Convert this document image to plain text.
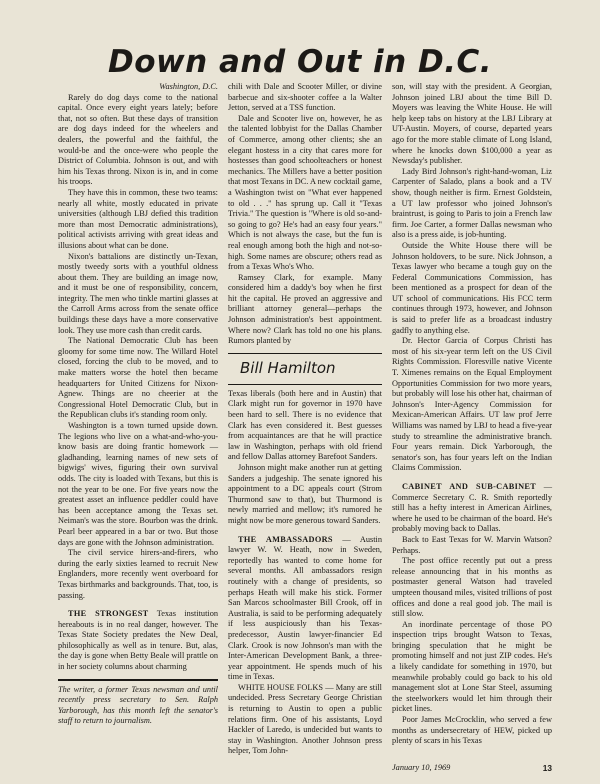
Down and Out in D.C.

Washington, D.C.

Rarely do dog days come to the national capital. Once every eight years lately; before that, not so often. But these days of transition are dog days indeed for the wheelers and dealers, the powerful and the faithful, the would-be and the once-were who people the District of Columbia. Johnson is out, and with him his Texas throng. Nixon is in, and in come his troops.

They have this in common, these two teams: nearly all white, mostly educated in private universities (although LBJ defied this tradition more than most Democratic administrations), political activists arriving with great ideas and illusions about what can be done.

Nixon's battalions are distinctly un-Texan, mostly tweedy sorts with a youthful oldness about them. They are building an image now, and it must be one of responsibility, concern, integrity. The men who tinkle martini glasses at the Carroll Arms across from the senate office buildings these days have a more conservative look. They use more cash than credit cards.

The National Democratic Club has been gloomy for some time now. The Willard Hotel closed, forcing the club to be moved, and to make matters worse the hotel then became headquarters for United Citizens for Nixon-Agnew. Things are no cheerier at the Congressional Hotel Democratic Club, but in the Republican clubs it's standing room only.

Washington is a town turned upside down. The legions who live on a what-and-who-you-know basis are doing frantic homework — gladhanding, learning names of new sets of bigwigs' wives, figuring their own survival odds. The city is loaded with Texans, but this is not the year to be one. For five years now the greatest asset an influence peddler could have has been acceptance among the Texas set. Neiman's was the store. Bourbon was the drink. Pearl beer appeared in a bar or two. But those days are gone with the Johnson administration.

The civil service hirers-and-firers, who during the early sixties learned to recruit New Englanders, more recently went overboard for Texas birthmarks and backgrounds. That, too, is passing.

THE STRONGEST Texas institution hereabouts is in no real danger, however. The Texas State Society predates the New Deal, philosophically as well as in tenure. But, alas, the day is gone when Betty Beale will prattle on in her society columns about charming

The writer, a former Texas newsman and until recently press secretary to Sen. Ralph Yarborough, has this month left the senator's staff to return to journalism.

chili with Dale and Scooter Miller, or divine barbecue and six-shooter coffee a la Walter Jetton, served at a TSS function.

Dale and Scooter live on, however, he as the talented lobbyist for the Dallas Chamber of Commerce, among other clients; she an elegant hostess in a city that cares more for hostesses than good schoolteachers or honest mechanics. The Millers have a better position that most Texans in DC. A new cocktail game, a Washington twist on "What ever happened to old . . ." has sprung up. Call it "Texas Trivia." The question is "Where is old so-and-so going to go? He's had an easy four years." Which is not always the case, but the fun is real enough among both the high and not-so-high. Some names are obscure; others read as from a Texas Who's Who.

Ramsey Clark, for example. Many considered him a daddy's boy when he first hit the capital. He proved an aggressive and brilliant attorney general—perhaps the Johnson administration's best appointment. Where now? Clark has told no one his plans. Rumors planted by

Bill Hamilton

Texas liberals (both here and in Austin) that Clark might run for governor in 1970 have been hard to sell. There is no evidence that Clark has even considered it. Best guesses from acquaintances are that he will practice law in Washington, perhaps with old friend and fellow Dallas attorney Barefoot Sanders.

Johnson might make another run at getting Sanders a judgeship. The senate ignored his appointment to a DC appeals court (Strom Thurmond saw to that), but Thurmond is newly married and mellow; it's rumored he might now be more generous toward Sanders.

THE AMBASSADORS — Austin lawyer W. W. Heath, now in Sweden, reportedly has wanted to come home for several months. All ambassadors resign routinely with a change of presidents, so perhaps Heath will make his stick. Former San Marcos schoolmaster Bill Crook, off in Australia, is said to be performing adequately if less auspiciously than his Texas-predecessor, Austin lawyer-financier Ed Clark. Crook is now Johnson's man with the Inter-American Development Bank, a three-year appointment. He spends much of his time in Texas.

WHITE HOUSE FOLKS — Many are still undecided. Press Secretary George Christian is returning to Austin to open a public relations firm. One of his assistants, Loyd Hackler of Laredo, is undecided but wants to stay in Washington. Another Johnson press helper, Tom John-

son, will stay with the president. A Georgian, Johnson joined LBJ about the time Bill D. Moyers was leaving the White House. He will help keep tabs on history at the LBJ Library at UT-Austin. Moyers, of course, departed years ago for the more stable climate of Long Island, where he knocks down $100,000 a year as Newsday's publisher.

Lady Bird Johnson's right-hand-woman, Liz Carpenter of Salado, plans a book and a TV show, though neither is firm. Ernest Goldstein, a UT law professor who joined Johnson's braintrust, is going to Paris to join a French law firm. Joe Carter, a former Dallas newsman who also is a press aide, is job-hunting.

Outside the White House there will be Johnson holdovers, to be sure. Nick Johnson, a Texas lawyer who became a tough guy on the Federal Communications Commission, has been mentioned as a prospect for dean of the UT school of communications. His FCC term continues through 1973, however, and Johnson is said to prefer life as a broadcast industry gadfly to anything else.

Dr. Hector Garcia of Corpus Christi has most of his six-year term left on the US Civil Rights Commission. Floresville native Vicente T. Ximenes remains on the Equal Employment Opportunities Commission for two more years, but probably will lose his other hat, chairman of Johnson's Inter-Agency Commission for Mexican-American Affairs. UT law prof Jerre Williams was named by LBJ to head a five-year study to streamline the administrative branch. Four years remain. Dick Yarborough, the senator's son, has four years left on the Indian Claims Commission.

CABINET AND SUB-CABINET —Commerce Secretary C. R. Smith reportedly still has a hefty interest in American Airlines, where he used to be chairman of the board. He's probably moving back to Dallas.

Back to East Texas for W. Marvin Watson? Perhaps.

The post office recently put out a press release announcing that in his months as postmaster general Watson had traveled umpteen thousand miles, visited trillions of post offices and done a real good job. The mail is still slow.

An inordinate percentage of those PO inspection trips brought Watson to Texas, bringing speculation that he might be promoting himself and not just ZIP codes. He's a likely candidate for something in 1970, but meanwhile probably could go back to his old management slot at Lone Star Steel, assuming the steelworkers would let him through their picket lines.

Poor James McCrocklin, who served a few months as undersecretary of HEW, picked up plenty of scars in his Texas

January 10, 1969	13
